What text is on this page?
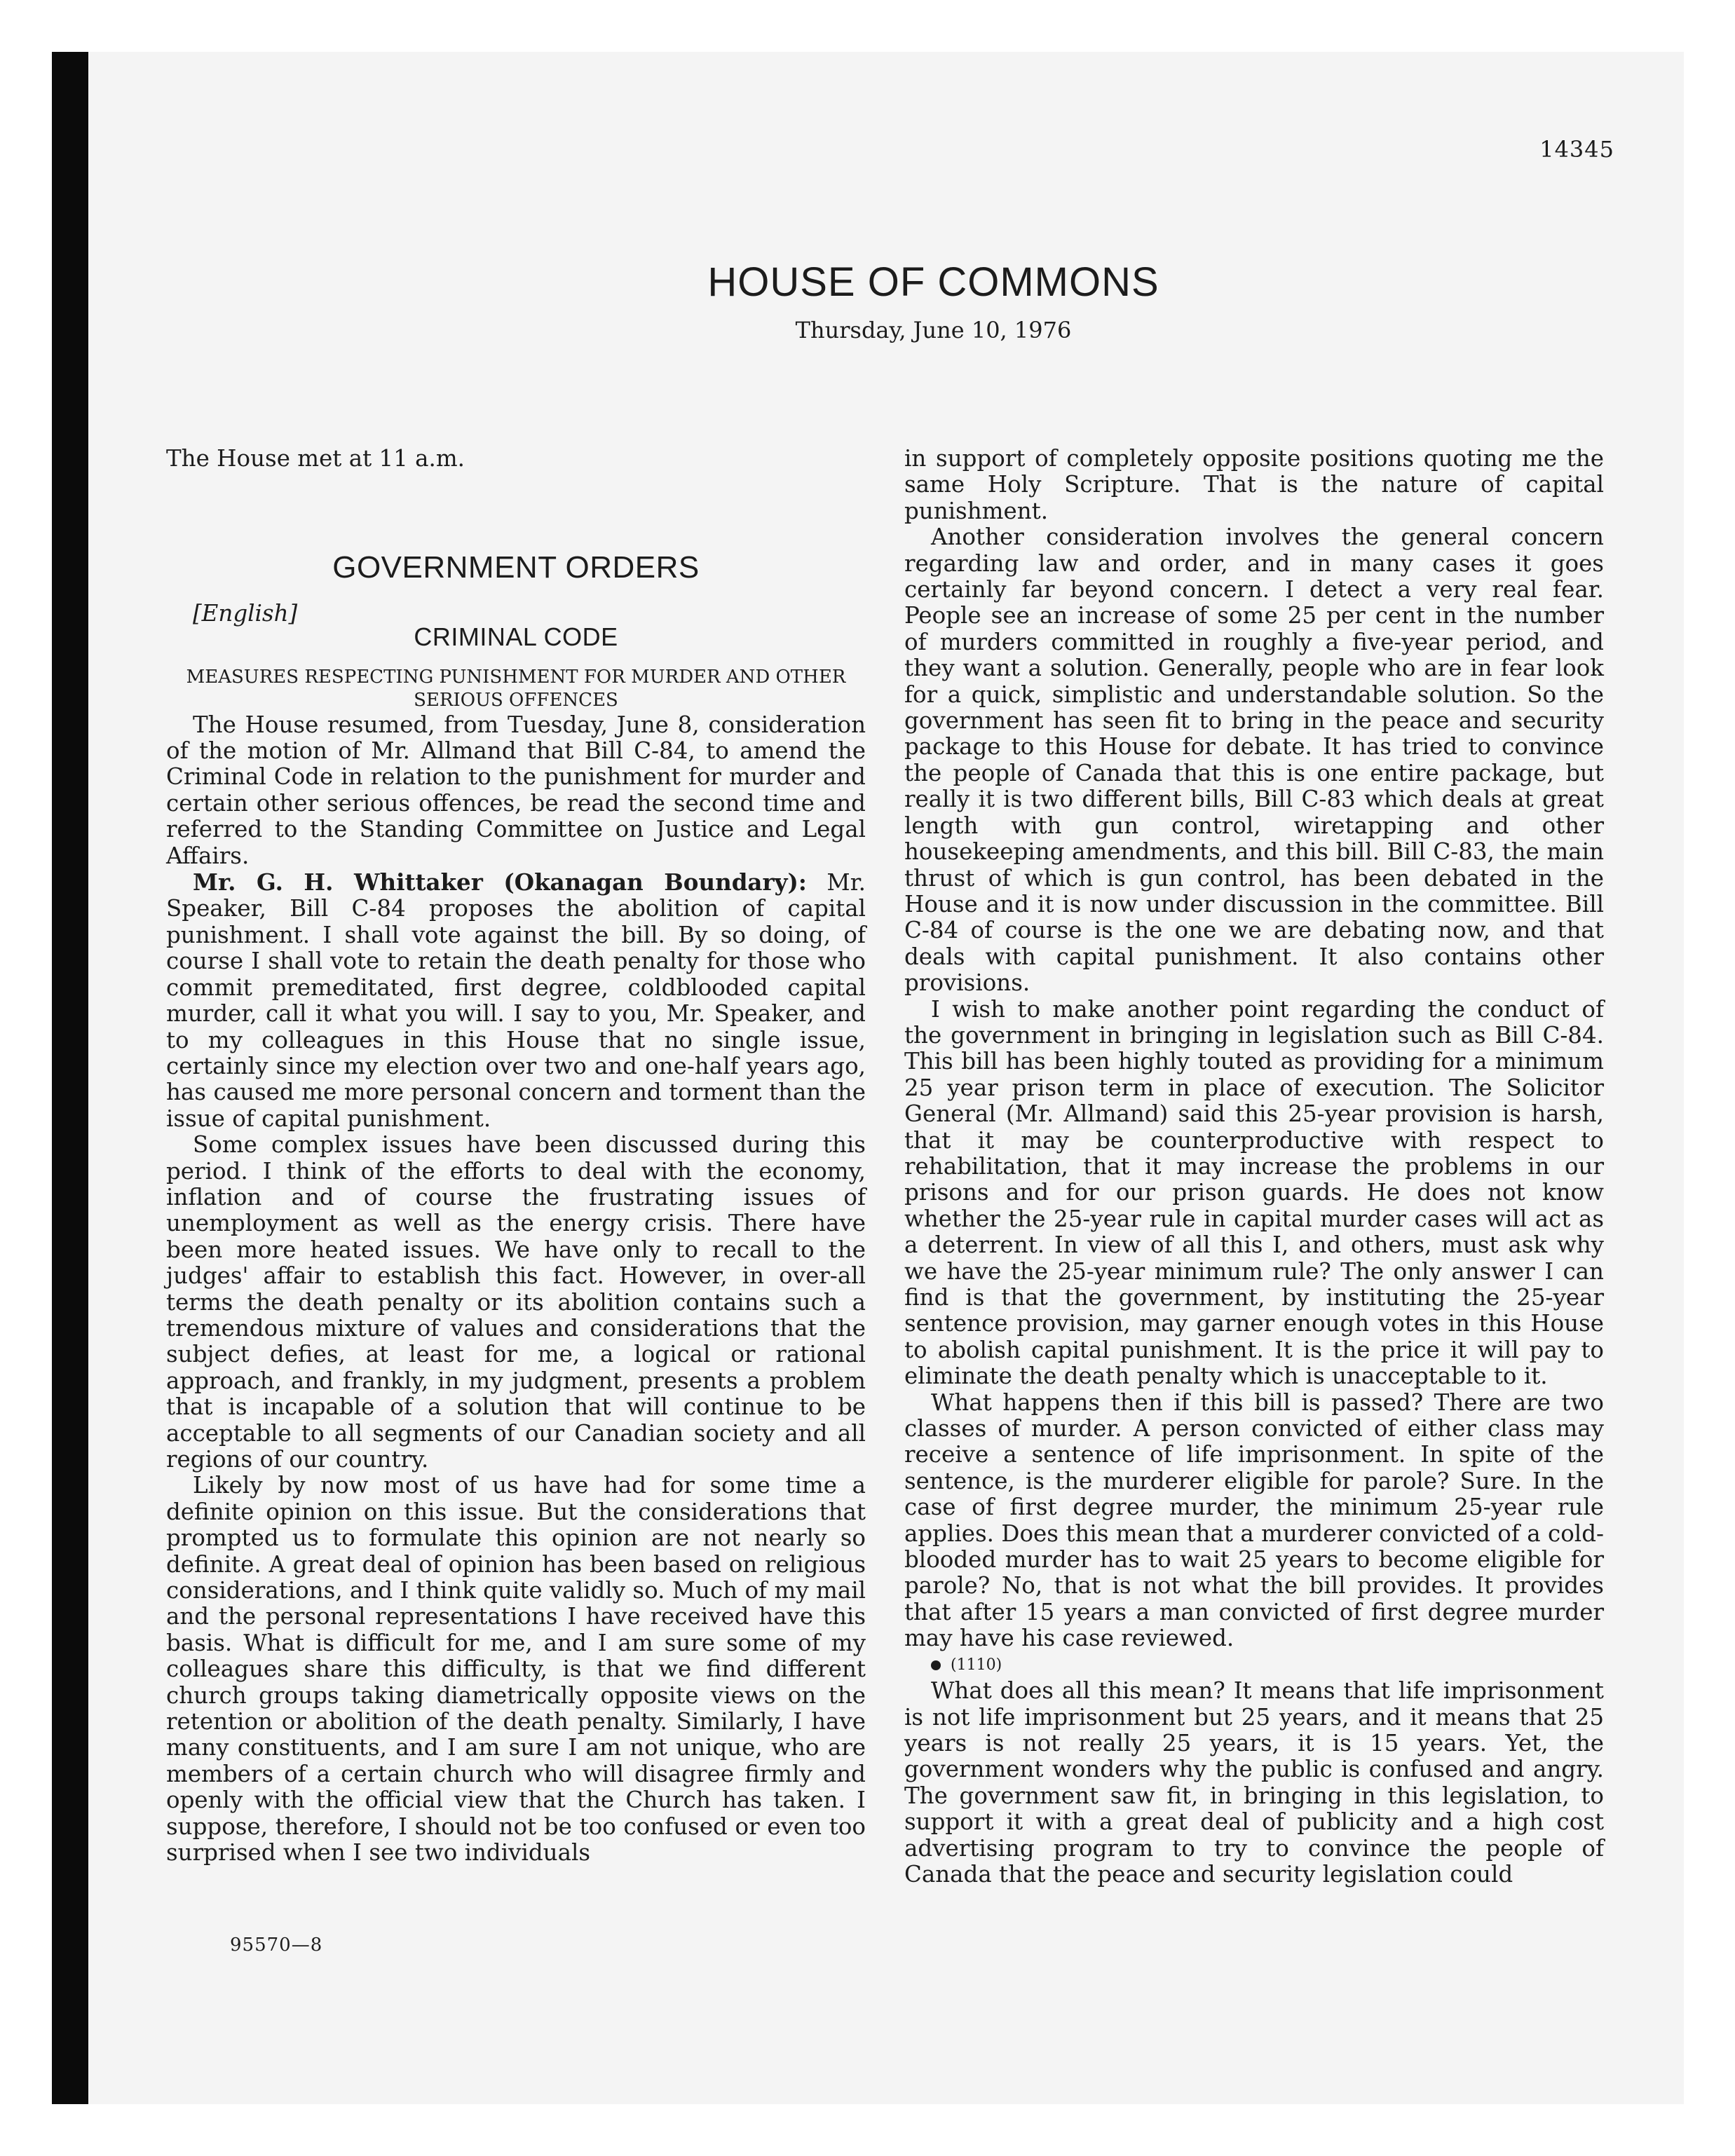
14345
HOUSE OF COMMONS
Thursday, June 10, 1976

The House met at 11 a.m.

GOVERNMENT ORDERS

[English]

CRIMINAL CODE

MEASURES RESPECTING PUNISHMENT FOR MURDER AND OTHER SERIOUS OFFENCES

The House resumed, from Tuesday, June 8, consideration of the motion of Mr. Allmand that Bill C-84, to amend the Criminal Code in relation to the punishment for murder and certain other serious offences, be read the second time and referred to the Standing Committee on Justice and Legal Affairs.

Mr. G. H. Whittaker (Okanagan Boundary): Mr. Speaker, Bill C-84 proposes the abolition of capital punishment. I shall vote against the bill. By so doing, of course I shall vote to retain the death penalty for those who commit premeditated, first degree, coldblooded capital murder, call it what you will. I say to you, Mr. Speaker, and to my colleagues in this House that no single issue, certainly since my election over two and one-half years ago, has caused me more personal concern and torment than the issue of capital punishment.

Some complex issues have been discussed during this period. I think of the efforts to deal with the economy, inflation and of course the frustrating issues of unemployment as well as the energy crisis. There have been more heated issues. We have only to recall to the judges' affair to establish this fact. However, in over-all terms the death penalty or its abolition contains such a tremendous mixture of values and considerations that the subject defies, at least for me, a logical or rational approach, and frankly, in my judgment, presents a problem that is incapable of a solution that will continue to be acceptable to all segments of our Canadian society and all regions of our country.

Likely by now most of us have had for some time a definite opinion on this issue. But the considerations that prompted us to formulate this opinion are not nearly so definite. A great deal of opinion has been based on religious considerations, and I think quite validly so. Much of my mail and the personal representations I have received have this basis. What is difficult for me, and I am sure some of my colleagues share this difficulty, is that we find different church groups taking diametrically opposite views on the retention or abolition of the death penalty. Similarly, I have many constituents, and I am sure I am not unique, who are members of a certain church who will disagree firmly and openly with the official view that the Church has taken. I suppose, therefore, I should not be too confused or even too surprised when I see two individuals

in support of completely opposite positions quoting me the same Holy Scripture. That is the nature of capital punishment.

Another consideration involves the general concern regarding law and order, and in many cases it goes certainly far beyond concern. I detect a very real fear. People see an increase of some 25 per cent in the number of murders committed in roughly a five-year period, and they want a solution. Generally, people who are in fear look for a quick, simplistic and understandable solution. So the government has seen fit to bring in the peace and security package to this House for debate. It has tried to convince the people of Canada that this is one entire package, but really it is two different bills, Bill C-83 which deals at great length with gun control, wiretapping and other housekeeping amendments, and this bill. Bill C-83, the main thrust of which is gun control, has been debated in the House and it is now under discussion in the committee. Bill C-84 of course is the one we are debating now, and that deals with capital punishment. It also contains other provisions.

I wish to make another point regarding the conduct of the government in bringing in legislation such as Bill C-84. This bill has been highly touted as providing for a minimum 25 year prison term in place of execution. The Solicitor General (Mr. Allmand) said this 25-year provision is harsh, that it may be counterproductive with respect to rehabilitation, that it may increase the problems in our prisons and for our prison guards. He does not know whether the 25-year rule in capital murder cases will act as a deterrent. In view of all this I, and others, must ask why we have the 25-year minimum rule? The only answer I can find is that the government, by instituting the 25-year sentence provision, may garner enough votes in this House to abolish capital punishment. It is the price it will pay to eliminate the death penalty which is unacceptable to it.

What happens then if this bill is passed? There are two classes of murder. A person convicted of either class may receive a sentence of life imprisonment. In spite of the sentence, is the murderer eligible for parole? Sure. In the case of first degree murder, the minimum 25-year rule applies. Does this mean that a murderer convicted of a cold-blooded murder has to wait 25 years to become eligible for parole? No, that is not what the bill provides. It provides that after 15 years a man convicted of first degree murder may have his case reviewed.

(1110)

What does all this mean? It means that life imprisonment is not life imprisonment but 25 years, and it means that 25 years is not really 25 years, it is 15 years. Yet, the government wonders why the public is confused and angry. The government saw fit, in bringing in this legislation, to support it with a great deal of publicity and a high cost advertising program to try to convince the people of Canada that the peace and security legislation could

95570—8
